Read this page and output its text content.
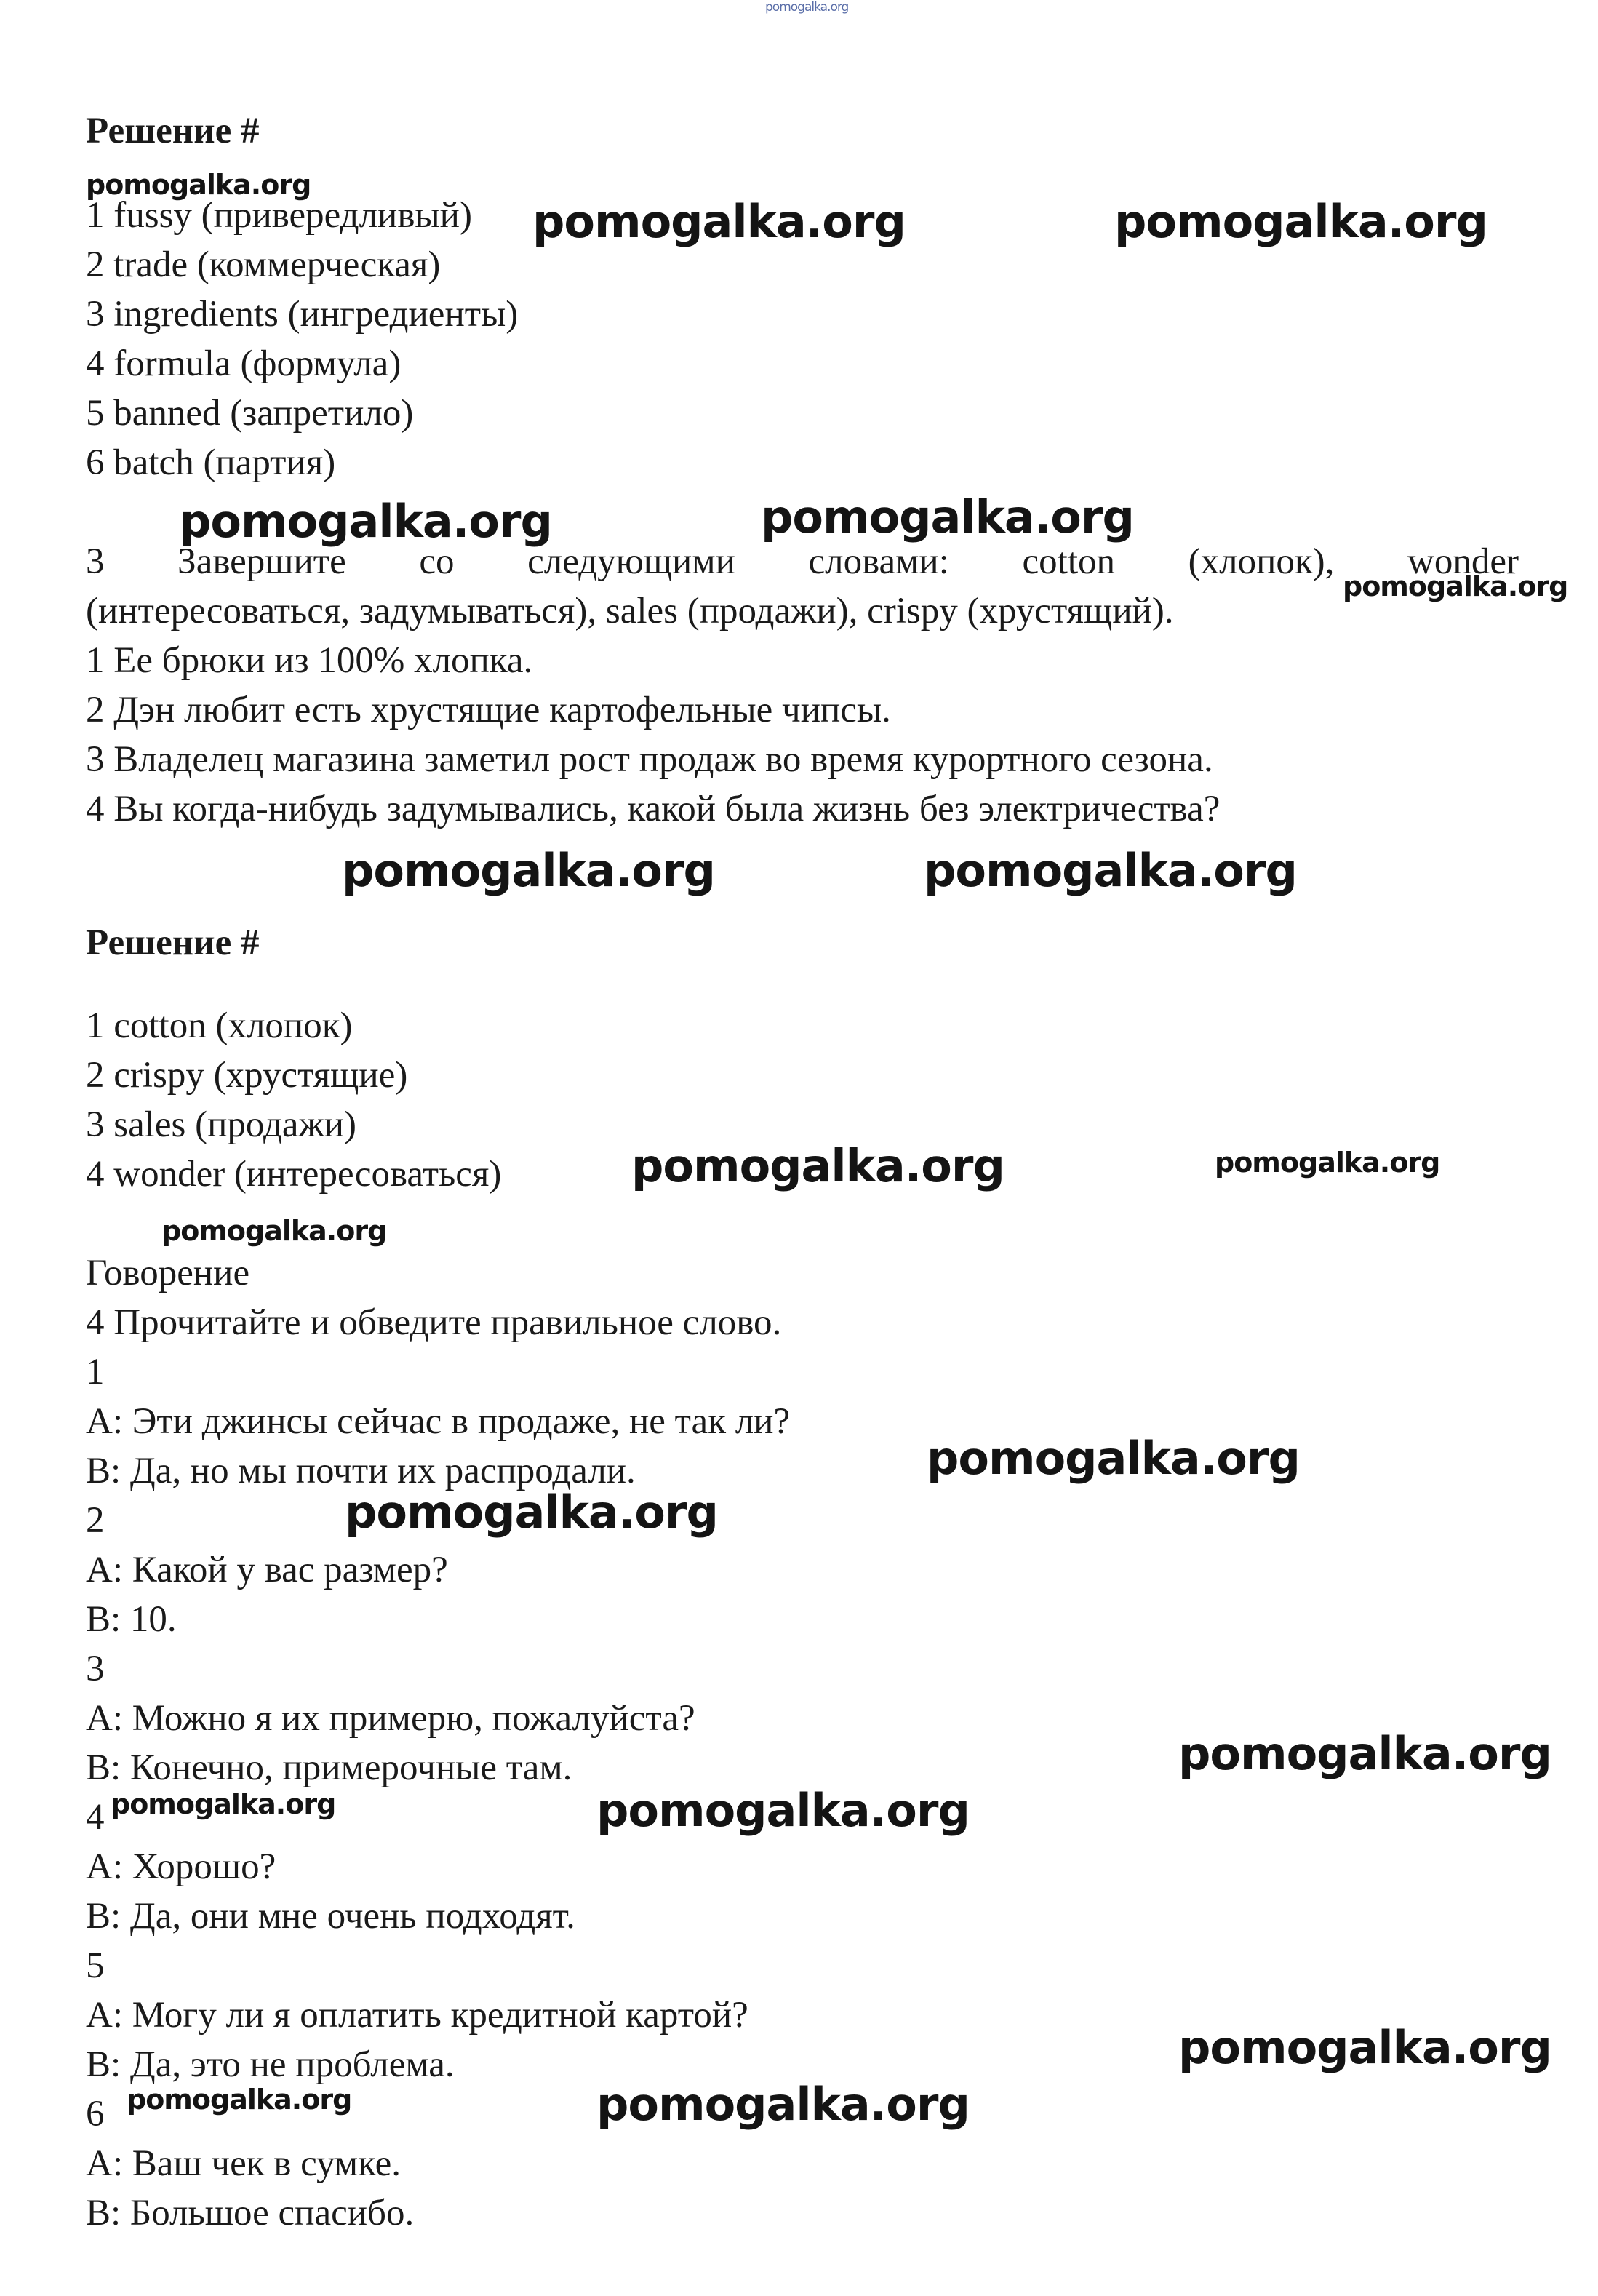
pomogalka.org
Решение #
pomogalka.org
1 fussy (привередливый) pomogalka.org	pomogalka.org
2 trade (коммерческая)
3 ingredients (ингредиенты)
4 formula (формула)
5 banned (запретило)
6 batch (партия)
pomogalka.org	pomogalka.org
3 Завершите со следующими словами: cotton (хлопок), wonder
(интересоваться, задумываться), sales (продажи), crispy (хрустящий).
pomogalka.org
1 Ее брюки из 100% хлопка.
2 Дэн любит есть хрустящие картофельные чипсы.
3 Владелец магазина заметил рост продаж во время курортного сезона.
4 Вы когда-нибудь задумывались, какой была жизнь без электричества?
pomogalka.org	pomogalka.org
Решение #
1 cotton (хлопок)
2 crispy (хрустящие)
3 sales (продажи)
4 wonder (интересоваться)	pomogalka.org	pomogalka.org
pomogalka.org
Говорение
4 Прочитайте и обведите правильное слово.
1
A: Эти джинсы сейчас в продаже, не так ли?
B: Да, но мы почти их распродали.	pomogalka.org
2	pomogalka.org
A: Какой у вас размер?
B: 10.
3
A: Можно я их примерю, пожалуйста?
B: Конечно, примерочные там.	pomogalka.org
4 pomogalka.org	pomogalka.org
A: Хорошо?
B: Да, они мне очень подходят.
5
A: Могу ли я оплатить кредитной картой?
B: Да, это не проблема.	pomogalka.org
6 pomogalka.org	pomogalka.org
A: Ваш чек в сумке.
B: Большое спасибо.
